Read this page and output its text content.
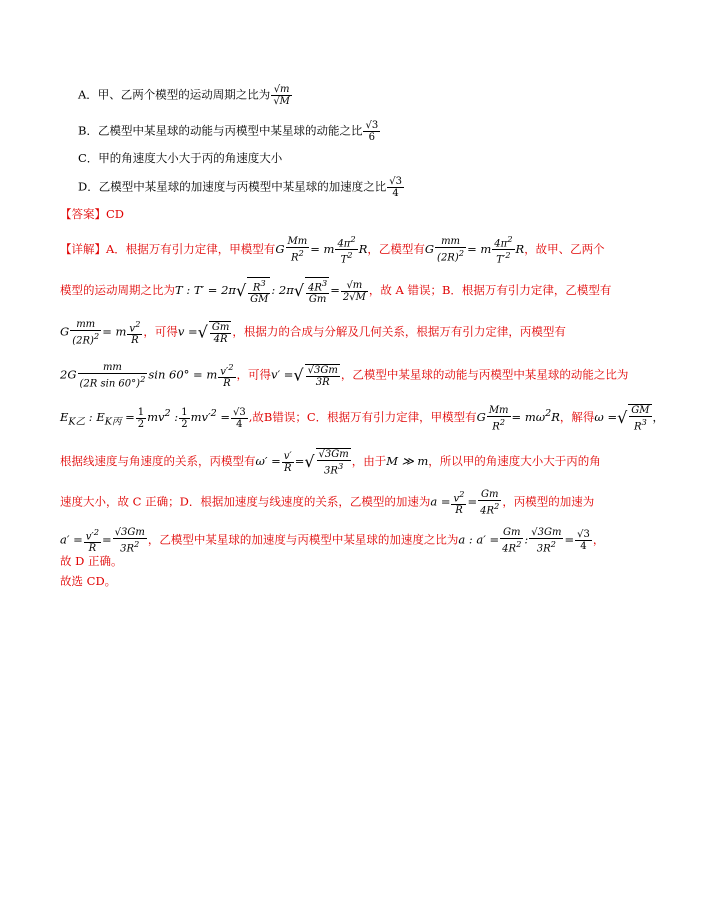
A．甲、乙两个模型的运动周期之比为 $\frac{√m}{√M}$
B．乙模型中某星球的动能与丙模型中某星球的动能之比 $\frac{√3}{6}$
C．甲的角速度大小大于丙的角速度大小
D．乙模型中某星球的加速度与丙模型中某星球的加速度之比 $\frac{√3}{4}$
【答案】CD
【详解】A．根据万有引力定律，甲模型有G $\frac{Mm}{R^2} = m \frac{4\pi^2}{T^2}$ R，乙模型有G $\frac{mm}{(2R)^2} = m \frac{4\pi^2}{T'^2}$ R，故甲、乙两个
模型的运动周期之比为T : $T' = 2\pi√ \frac{R^3}{GM}$ : $2\pi√ \frac{4R^3}{Gm} = \frac{√m}{2√M}$ ，故 A 错误；B．根据万有引力定律，乙模型有
G $\frac{mm}{(2R)^2} = m \frac{v^2}{R}$ ，可得v =√ $\frac{Gm}{4R}$ ，根据力的合成与分解及几何关系，根据万有引力定律，丙模型有
$2G \frac{mm}{(2R \sin 60^\circ)^2}$ sin 60° = m $\frac{v'^2}{R}$ ，可得v′ =√ $\frac{√3Gm}{3R}$ ，乙模型中某星球的动能与丙模型中某星球的动能之比为
$E_{K乙}$ : $E_{K丙} = \frac{1}{2} mv^2$ : $\frac{1}{2} mv'^2 = \frac{√3}{4}$ ,故B错误；C．根据万有引力定律，甲模型有G $\frac{Mm}{R^2} = m\omega^2R$，解得ω =√ $\frac{GM}{R^3}$ ，
根据线速度与角速度的关系，丙模型有$\omega' = \frac{v'}{R}$ =√ $\frac{√3Gm}{3R^3}$ ，由于M ≫ m，所以甲的角速度大小大于丙的角
速度大小，故 C 正确；D．根据加速度与线速度的关系，乙模型的加速为$a = \frac{v^2}{R} = \frac{Gm}{4R^2}$ ，丙模型的加速为
$a' = \frac{v'^2}{R} = \frac{√3Gm}{3R^2}$ ，乙模型中某星球的加速度与丙模型中某星球的加速度之比为a : $a' = \frac{Gm}{4R^2}$ : $\frac{√3Gm}{3R^2} = \frac{√3}{4}$ ，
故 D 正确。
故选 CD。
